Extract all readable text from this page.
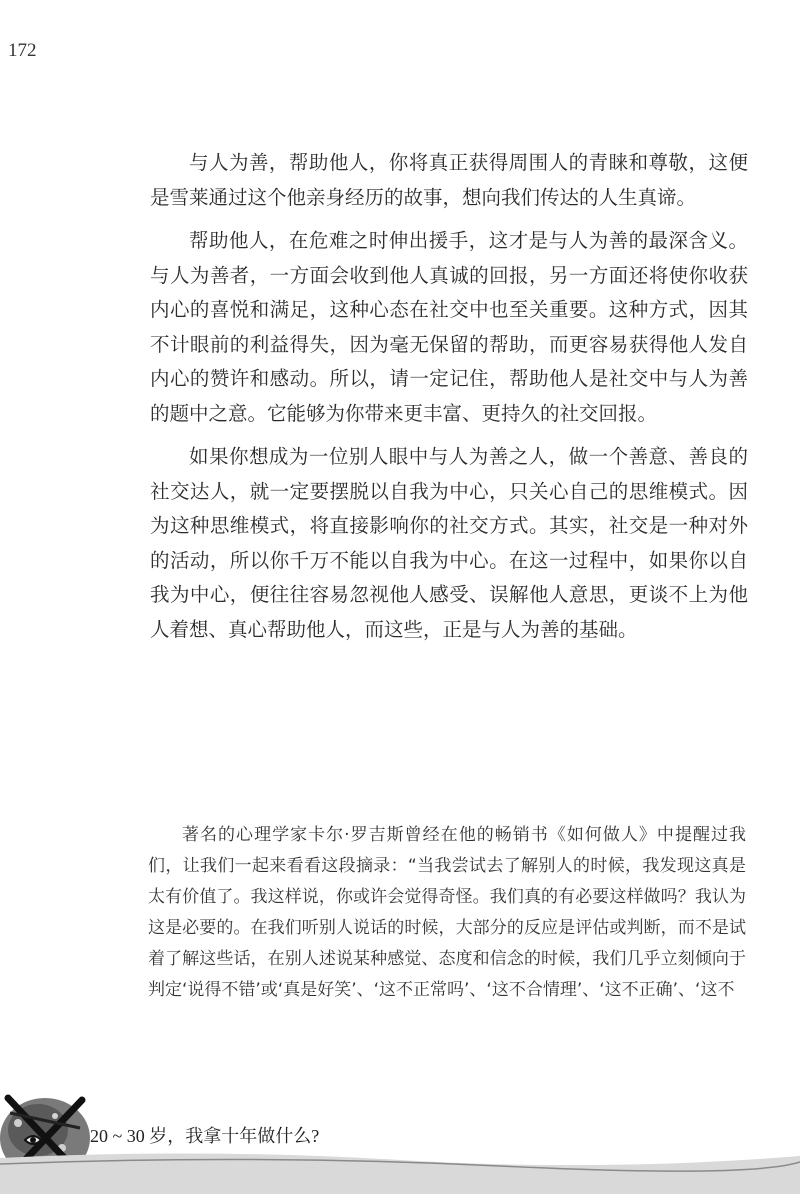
172

与人为善，帮助他人，你将真正获得周围人的青睐和尊敬，这便是雪莱通过这个他亲身经历的故事，想向我们传达的人生真谛。

帮助他人，在危难之时伸出援手，这才是与人为善的最深含义。与人为善者，一方面会收到他人真诚的回报，另一方面还将使你收获内心的喜悦和满足，这种心态在社交中也至关重要。这种方式，因其不计眼前的利益得失，因为毫无保留的帮助，而更容易获得他人发自内心的赞许和感动。所以，请一定记住，帮助他人是社交中与人为善的题中之意。它能够为你带来更丰富、更持久的社交回报。

如果你想成为一位别人眼中与人为善之人，做一个善意、善良的社交达人，就一定要摆脱以自我为中心，只关心自己的思维模式。因为这种思维模式，将直接影响你的社交方式。其实，社交是一种对外的活动，所以你千万不能以自我为中心。在这一过程中，如果你以自我为中心，便往往容易忽视他人感受、误解他人意思，更谈不上为他人着想、真心帮助他人，而这些，正是与人为善的基础。

著名的心理学家卡尔·罗吉斯曾经在他的畅销书《如何做人》中提醒过我们，让我们一起来看看这段摘录：“当我尝试去了解别人的时候，我发现这真是太有价值了。我这样说，你或许会觉得奇怪。我们真的有必要这样做吗？我认为这是必要的。在我们听别人说话的时候，大部分的反应是评估或判断，而不是试着了解这些话，在别人述说某种感觉、态度和信念的时候，我们几乎立刻倾向于判定‘说得不错’或‘真是好笑’、‘这不正常吗’、‘这不合情理’、‘这不正确’、‘这不

20 ~ 30 岁，我拿十年做什么?
